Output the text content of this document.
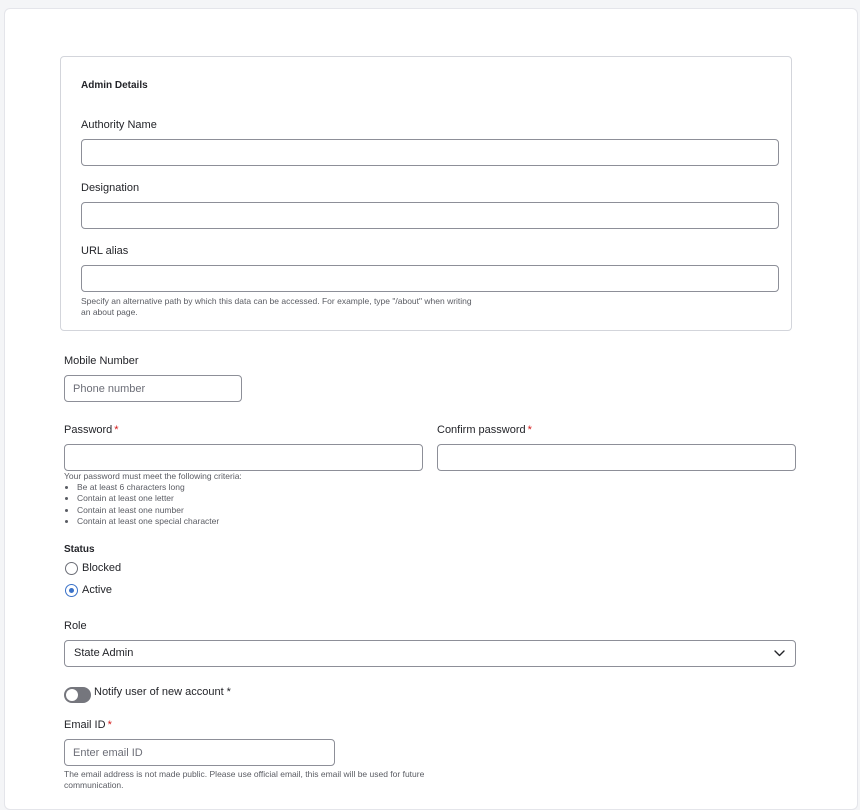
Admin Details
Authority Name
Designation
URL alias
Specify an alternative path by which this data can be accessed. For example, type "/about" when writing
an about page.
Mobile Number
Phone number
Password *	Confirm password *
Your password must meet the following criteria:
• Be at least 6 characters long
• Contain at least one letter
• Contain at least one number
• Contain at least one special character
Status
Blocked
Active
Role
State Admin
Notify user of new account *
Email ID *
Enter email ID
The email address is not made public. Please use official email, this email will be used for future
communication.
